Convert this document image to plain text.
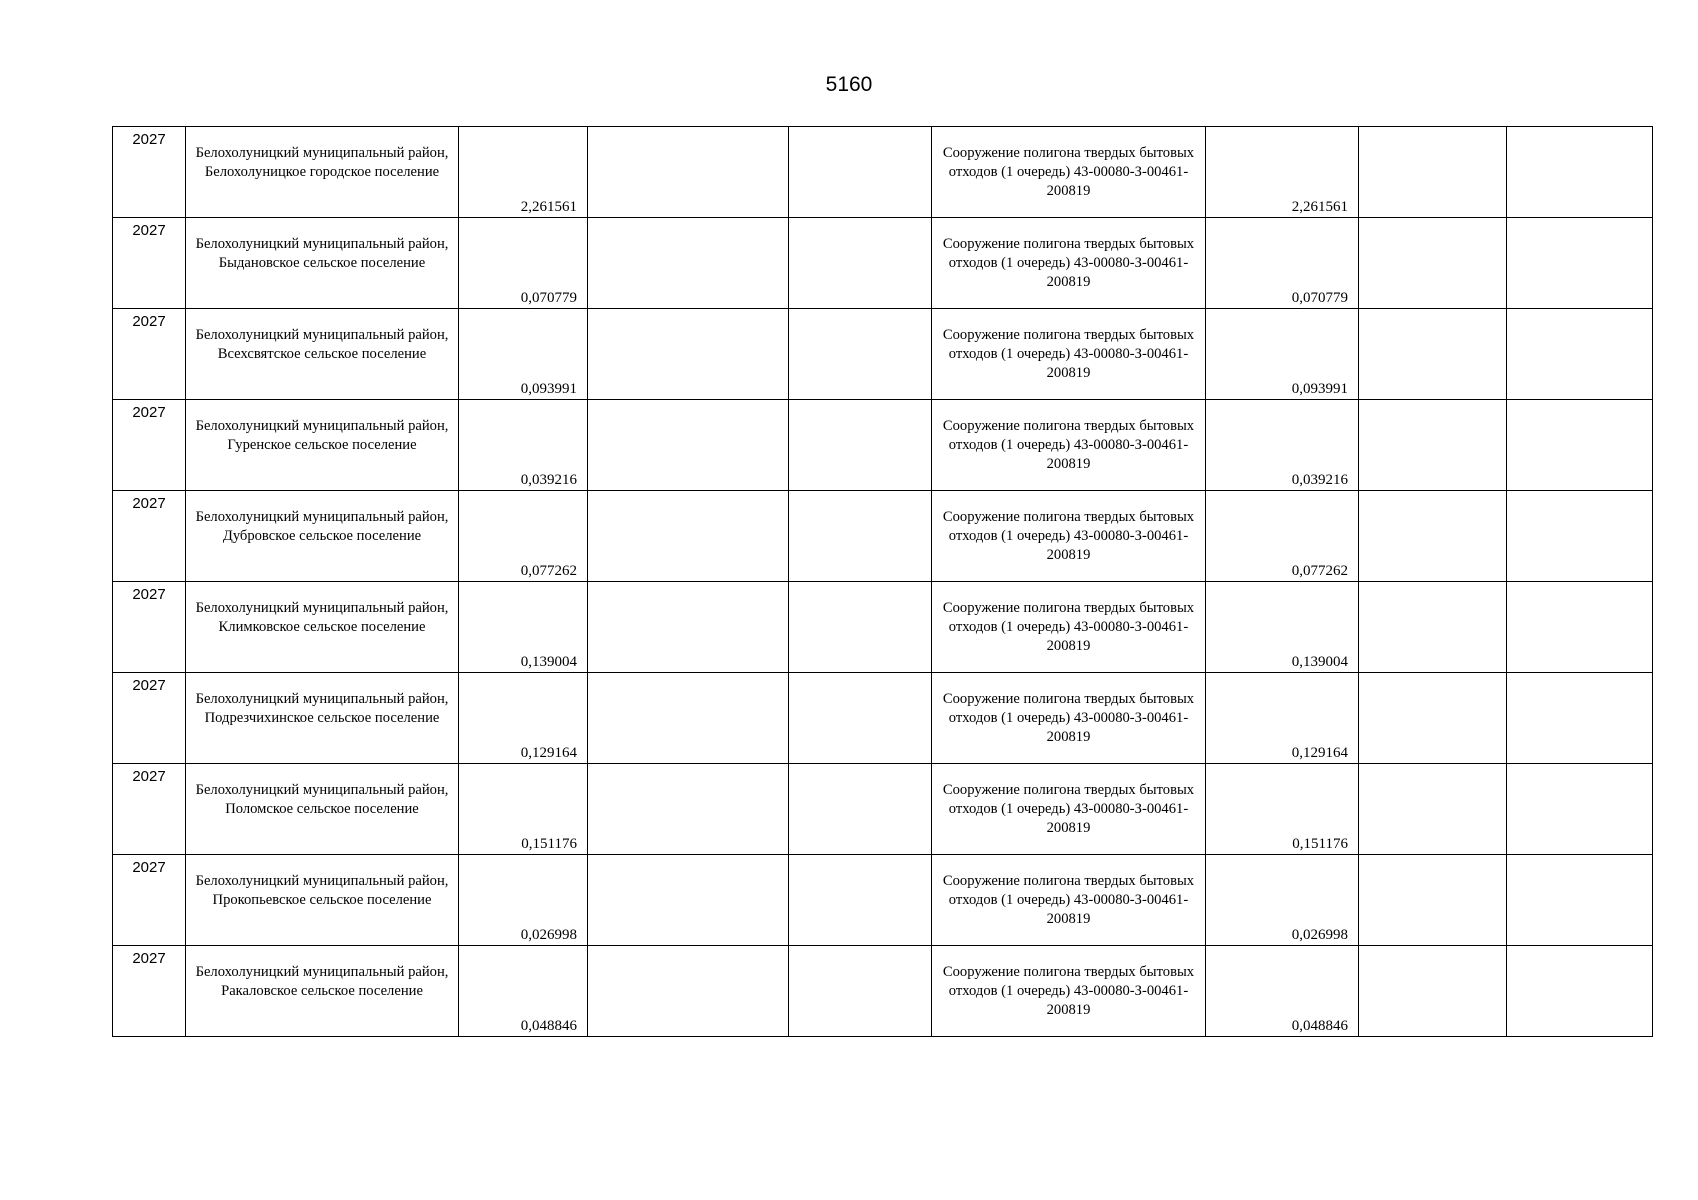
5160
2027	Белохолуницкий муниципальный район, Белохолуницкое городское поселение	2,261561			Сооружение полигона твердых бытовых отходов (1 очередь) 43-00080-З-00461-200819	2,261561		

2027	Белохолуницкий муниципальный район, Быдановское сельское поселение	0,070779			Сооружение полигона твердых бытовых отходов (1 очередь) 43-00080-З-00461-200819	0,070779		

2027	Белохолуницкий муниципальный район, Всехсвятское сельское поселение	0,093991			Сооружение полигона твердых бытовых отходов (1 очередь) 43-00080-З-00461-200819	0,093991		

2027	Белохолуницкий муниципальный район, Гуренское сельское поселение	0,039216			Сооружение полигона твердых бытовых отходов (1 очередь) 43-00080-З-00461-200819	0,039216		

2027	Белохолуницкий муниципальный район, Дубровское сельское поселение	0,077262			Сооружение полигона твердых бытовых отходов (1 очередь) 43-00080-З-00461-200819	0,077262		

2027	Белохолуницкий муниципальный район, Климковское сельское поселение	0,139004			Сооружение полигона твердых бытовых отходов (1 очередь) 43-00080-З-00461-200819	0,139004		

2027	Белохолуницкий муниципальный район, Подрезчихинское сельское поселение	0,129164			Сооружение полигона твердых бытовых отходов (1 очередь) 43-00080-З-00461-200819	0,129164		

2027	Белохолуницкий муниципальный район, Поломское сельское поселение	0,151176			Сооружение полигона твердых бытовых отходов (1 очередь) 43-00080-З-00461-200819	0,151176		

2027	Белохолуницкий муниципальный район, Прокопьевское сельское поселение	0,026998			Сооружение полигона твердых бытовых отходов (1 очередь) 43-00080-З-00461-200819	0,026998		

2027	Белохолуницкий муниципальный район, Ракаловское сельское поселение	0,048846			Сооружение полигона твердых бытовых отходов (1 очередь) 43-00080-З-00461-200819	0,048846		
